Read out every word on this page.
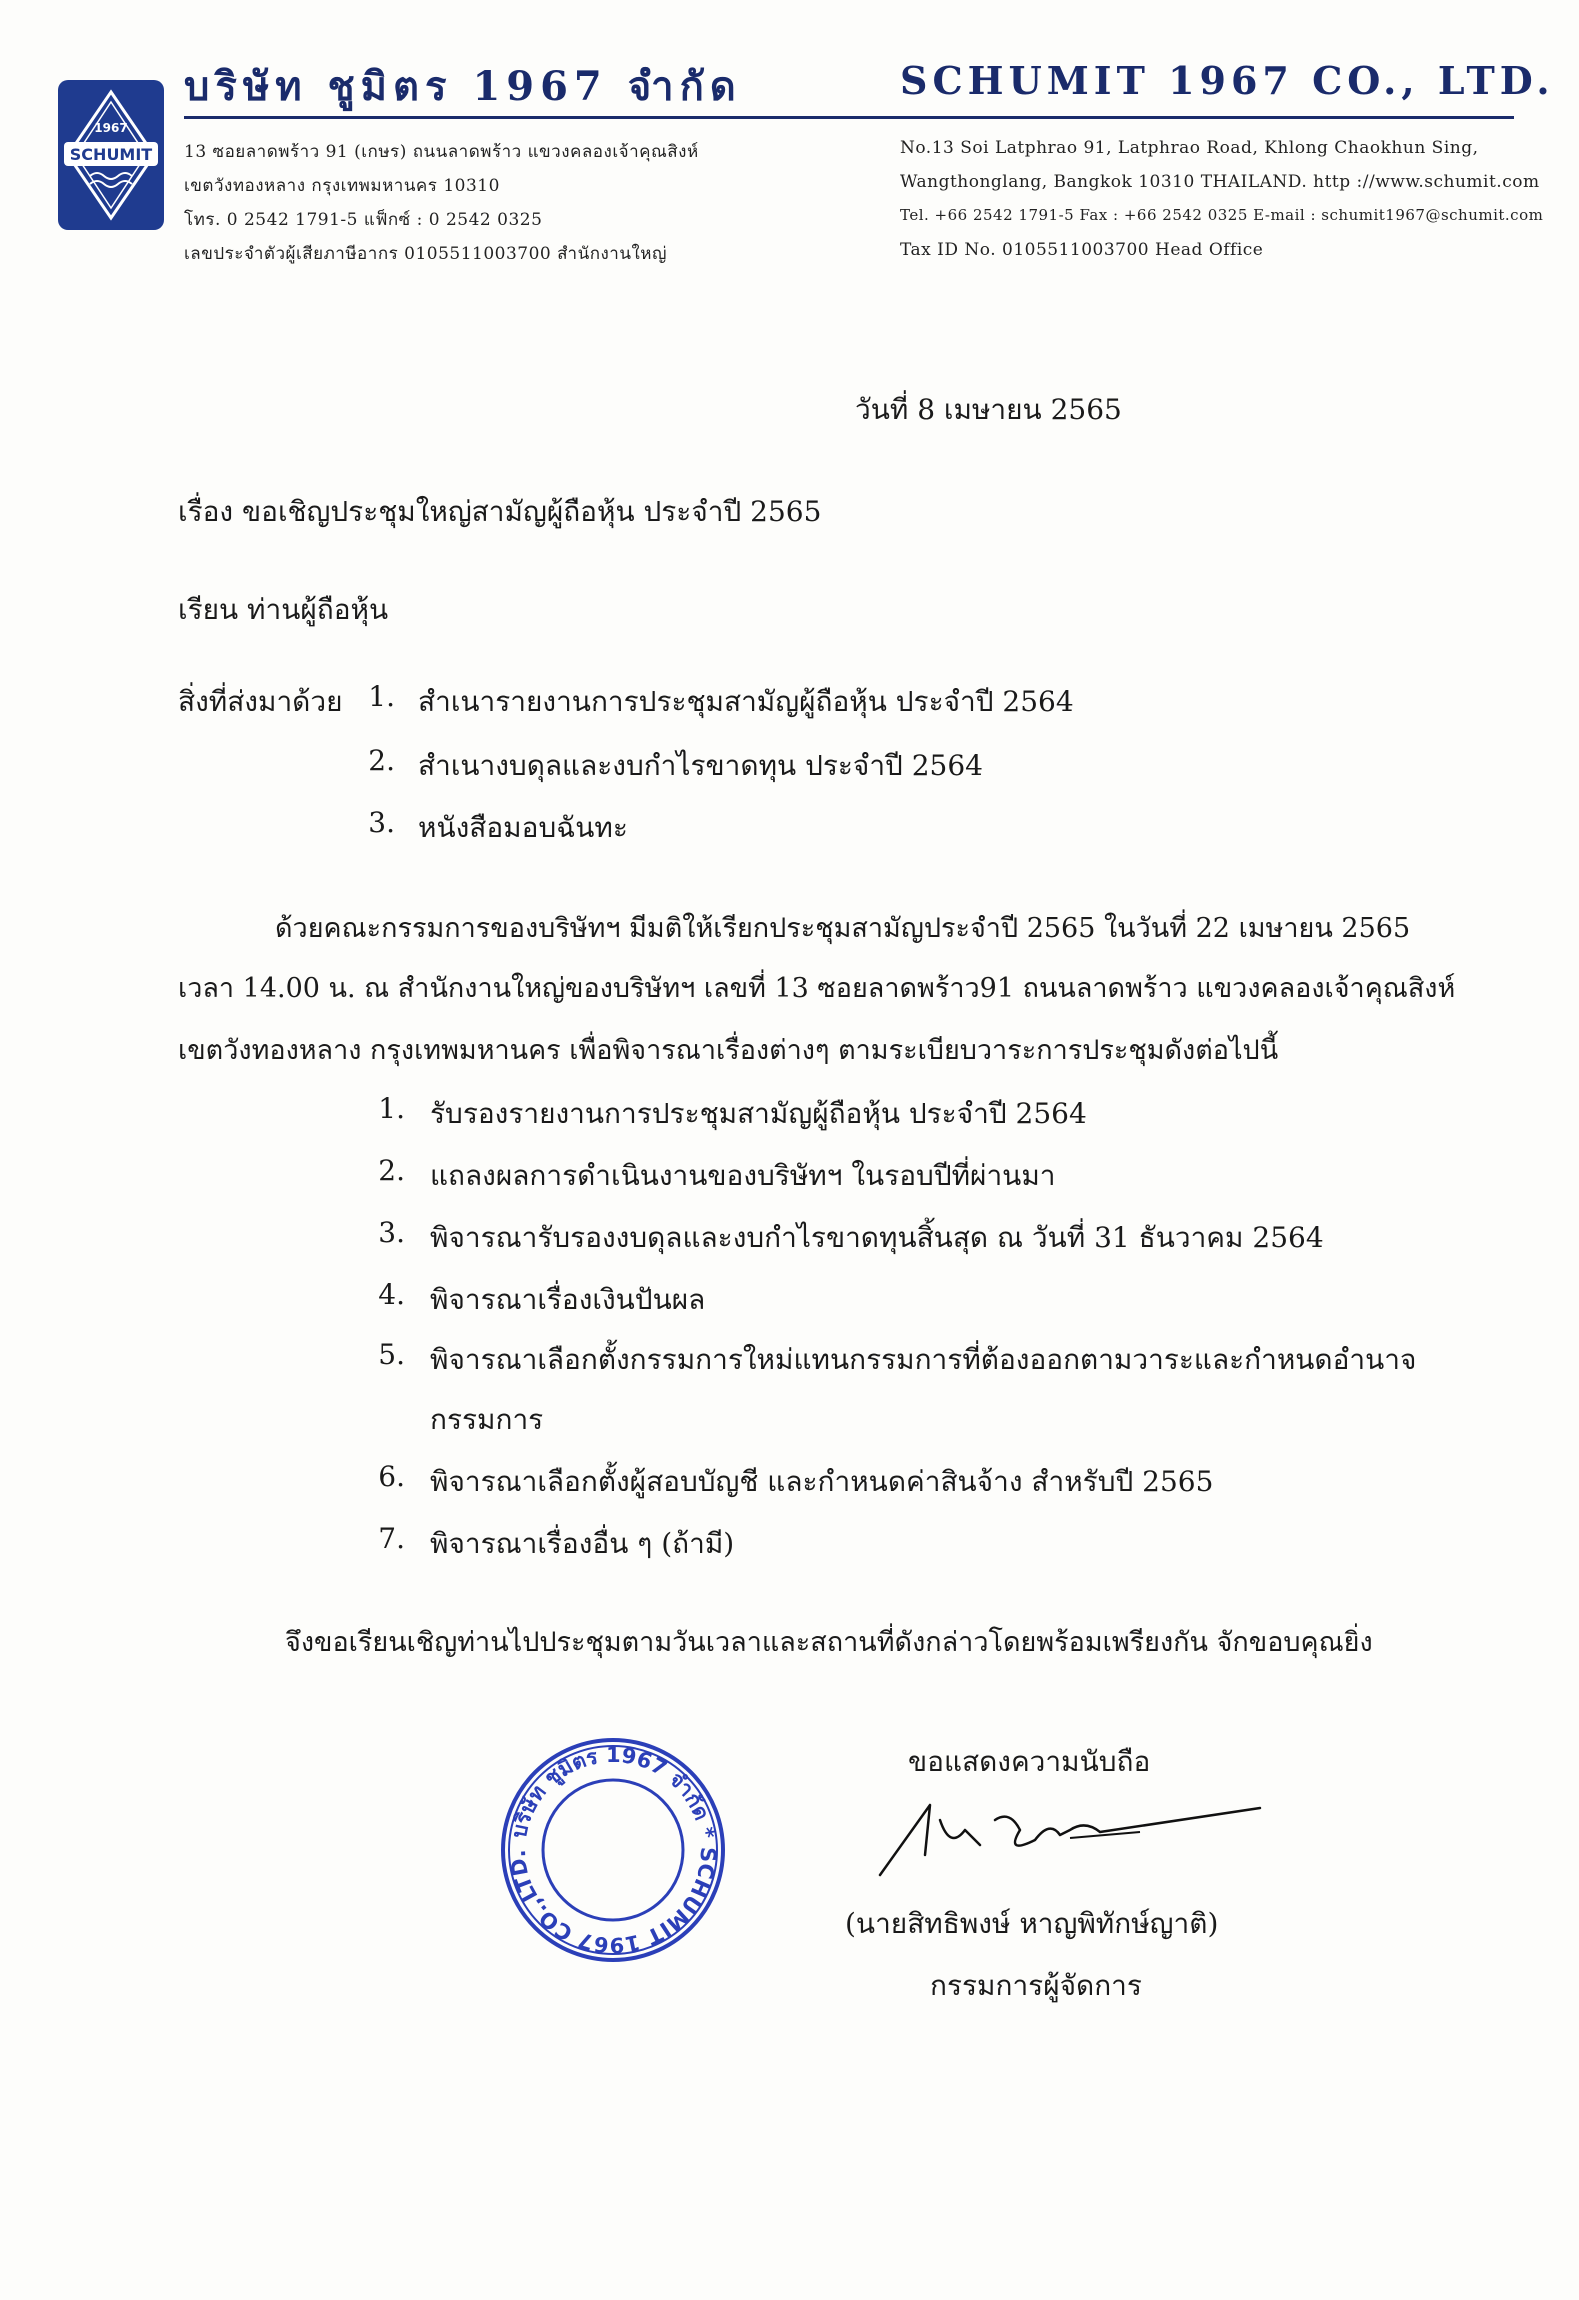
1967
SCHUMIT
บริษัท ชูมิตร 1967 จำกัด	SCHUMIT 1967 CO., LTD.
13 ซอยลาดพร้าว 91 (เกษร) ถนนลาดพร้าว แขวงคลองเจ้าคุณสิงห์
เขตวังทองหลาง กรุงเทพมหานคร 10310
โทร. 0 2542 1791-5 แฟ็กซ์ : 0 2542 0325
เลขประจำตัวผู้เสียภาษีอากร 0105511003700 สำนักงานใหญ่
No.13 Soi Latphrao 91, Latphrao Road, Khlong Chaokhun Sing,
Wangthonglang, Bangkok 10310 THAILAND. http ://www.schumit.com
Tel. +66 2542 1791-5 Fax : +66 2542 0325 E-mail : schumit1967@schumit.com
Tax ID No. 0105511003700 Head Office
วันที่ 8 เมษายน 2565
เรื่อง ขอเชิญประชุมใหญ่สามัญผู้ถือหุ้น ประจำปี 2565
เรียน ท่านผู้ถือหุ้น
สิ่งที่ส่งมาด้วย 1. สำเนารายงานการประชุมสามัญผู้ถือหุ้น ประจำปี 2564
2. สำเนางบดุลและงบกำไรขาดทุน ประจำปี 2564
3. หนังสือมอบฉันทะ
ด้วยคณะกรรมการของบริษัทฯ มีมติให้เรียกประชุมสามัญประจำปี 2565 ในวันที่ 22 เมษายน 2565
เวลา 14.00 น. ณ สำนักงานใหญ่ของบริษัทฯ เลขที่ 13 ซอยลาดพร้าว91 ถนนลาดพร้าว แขวงคลองเจ้าคุณสิงห์
เขตวังทองหลาง กรุงเทพมหานคร เพื่อพิจารณาเรื่องต่างๆ ตามระเบียบวาระการประชุมดังต่อไปนี้
1. รับรองรายงานการประชุมสามัญผู้ถือหุ้น ประจำปี 2564
2. แถลงผลการดำเนินงานของบริษัทฯ ในรอบปีที่ผ่านมา
3. พิจารณารับรองงบดุลและงบกำไรขาดทุนสิ้นสุด ณ วันที่ 31 ธันวาคม 2564
4. พิจารณาเรื่องเงินปันผล
5. พิจารณาเลือกตั้งกรรมการใหม่แทนกรรมการที่ต้องออกตามวาระและกำหนดอำนาจ
กรรมการ
6. พิจารณาเลือกตั้งผู้สอบบัญชี และกำหนดค่าสินจ้าง สำหรับปี 2565
7. พิจารณาเรื่องอื่น ๆ (ถ้ามี)
จึงขอเรียนเชิญท่านไปประชุมตามวันเวลาและสถานที่ดังกล่าวโดยพร้อมเพรียงกัน จักขอบคุณยิ่ง
ขอแสดงความนับถือ
(นายสิทธิพงษ์ หาญพิทักษ์ญาติ)
กรรมการผู้จัดการ
บริษัท ชูมิตร 1967 จำกัด * SCHUMIT 1967 CO.,LTD.
